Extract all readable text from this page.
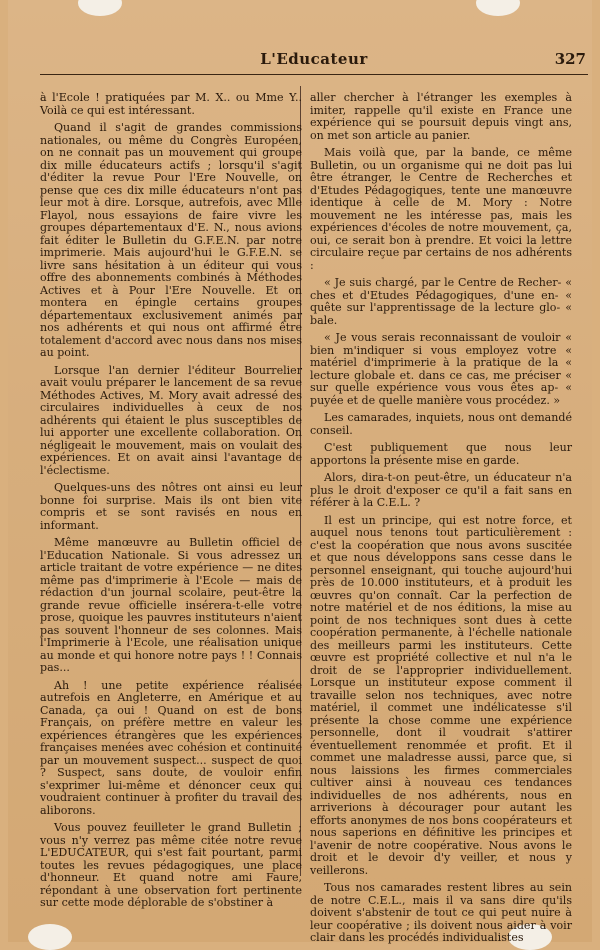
L'Educateur	327

à l'Ecole ! pratiquées par M. X.. ou Mme Y.. Voilà ce qui est intéressant.

Quand il s'agit de grandes commissions nationales, ou même du Congrès Européen, on ne connait pas un mouvement qui groupe dix mille éducateurs actifs ; lorsqu'il s'agit d'éditer la revue Pour l'Ere Nouvelle, on pense que ces dix mille éducateurs n'ont pas leur mot à dire. Lorsque, autrefois, avec Mlle Flayol, nous essayions de faire vivre les groupes départementaux d'E. N., nous avions fait éditer le Bulletin du G.F.E.N. par notre imprimerie. Mais aujourd'hui le G.F.E.N. se livre sans hésitation à un éditeur qui vous offre des abonnements combinés à Méthodes Actives et à Pour l'Ere Nouvelle. Et on montera en épingle certains groupes départementaux exclusivement animés par nos adhérents et qui nous ont affirmé être totalement d'accord avec nous dans nos mises au point.

Lorsque l'an dernier l'éditeur Bourrelier avait voulu préparer le lancement de sa revue Méthodes Actives, M. Mory avait adressé des circulaires individuelles à ceux de nos adhérents qui étaient le plus susceptibles de lui apporter une excellente collaboration. On négligeait le mouvement, mais on voulait des expériences. Et on avait ainsi l'avantage de l'éclectisme.

Quelques-uns des nôtres ont ainsi eu leur bonne foi surprise. Mais ils ont bien vite compris et se sont ravisés en nous en informant.

Même manœuvre au Bulletin officiel de l'Education Nationale. Si vous adressez un article traitant de votre expérience — ne dites même pas d'imprimerie à l'Ecole — mais de rédaction d'un journal scolaire, peut-être la grande revue officielle insérera-t-elle votre prose, quoique les pauvres instituteurs n'aient pas souvent l'honneur de ses colonnes. Mais l'Imprimerie à l'Ecole, une réalisation unique au monde et qui honore notre pays ! ! Connais pas...

Ah ! une petite expérience réalisée autrefois en Angleterre, en Amérique et au Canada, ça oui ! Quand on est de bons Français, on préfère mettre en valeur les expériences étrangères que les expériences françaises menées avec cohésion et continuité par un mouvement suspect... suspect de quoi ? Suspect, sans doute, de vouloir enfin s'exprimer lui-même et dénoncer ceux qui voudraient continuer à profiter du travail des aliborons.

Vous pouvez feuilleter le grand Bulletin ; vous n'y verrez pas même citée notre revue L'EDUCATEUR, qui s'est fait pourtant, parmi toutes les revues pédagogiques, une place d'honneur. Et quand notre ami Faure, répondant à une observation fort pertinente sur cette mode déplorable de s'obstiner à

aller chercher à l'étranger les exemples à imiter, rappelle qu'il existe en France une expérience qui se poursuit depuis vingt ans, on met son article au panier.

Mais voilà que, par la bande, ce même Bulletin, ou un organisme qui ne doit pas lui être étranger, le Centre de Recherches et d'Etudes Pédagogiques, tente une manœuvre identique à celle de M. Mory : Notre mouvement ne les intéresse pas, mais les expériences d'écoles de notre mouvement, ça, oui, ce serait bon à prendre. Et voici la lettre circulaire reçue par certains de nos adhérents :

« Je suis chargé, par le Centre de Recher- « ches et d'Etudes Pédagogiques, d'une en- « quête sur l'apprentissage de la lecture glo- « bale.

« Je vous serais reconnaissant de vouloir « bien m'indiquer si vous employez votre « matériel d'imprimerie à la pratique de la « lecture globale et. dans ce cas, me préciser « sur quelle expérience vous vous êtes ap- « puyée et de quelle manière vous procédez. »

Les camarades, inquiets, nous ont demandé conseil.

C'est publiquement que nous leur apportons la présente mise en garde.

Alors, dira-t-on peut-être, un éducateur n'a plus le droit d'exposer ce qu'il a fait sans en référer à la C.E.L. ?

Il est un principe, qui est notre force, et auquel nous tenons tout particulièrement : c'est la coopération que nous avons suscitée et que nous développons sans cesse dans le personnel enseignant, qui touche aujourd'hui près de 10.000 instituteurs, et à produit les œuvres qu'on connaît. Car la perfection de notre matériel et de nos éditions, la mise au point de nos techniques sont dues à cette coopération permanente, à l'échelle nationale des meilleurs parmi les instituteurs. Cette œuvre est propriété collective et nul n'a le droit de se l'approprier individuellement. Lorsque un instituteur expose comment il travaille selon nos techniques, avec notre matériel, il commet une indélicatesse s'il présente la chose comme une expérience personnelle, dont il voudrait s'attirer éventuellement renommée et profit. Et il commet une maladresse aussi, parce que, si nous laissions les firmes commerciales cultiver ainsi à nouveau ces tendances individuelles de nos adhérents, nous en arriverions à décourager pour autant les efforts anonymes de nos bons coopérateurs et nous saperions en définitive les principes et l'avenir de notre coopérative. Nous avons le droit et le devoir d'y veiller, et nous y veillerons.

Tous nos camarades restent libres au sein de notre C.E.L., mais il va sans dire qu'ils doivent s'abstenir de tout ce qui peut nuire à leur coopérative ; ils doivent nous aider à voir clair dans les procédés individualistes
